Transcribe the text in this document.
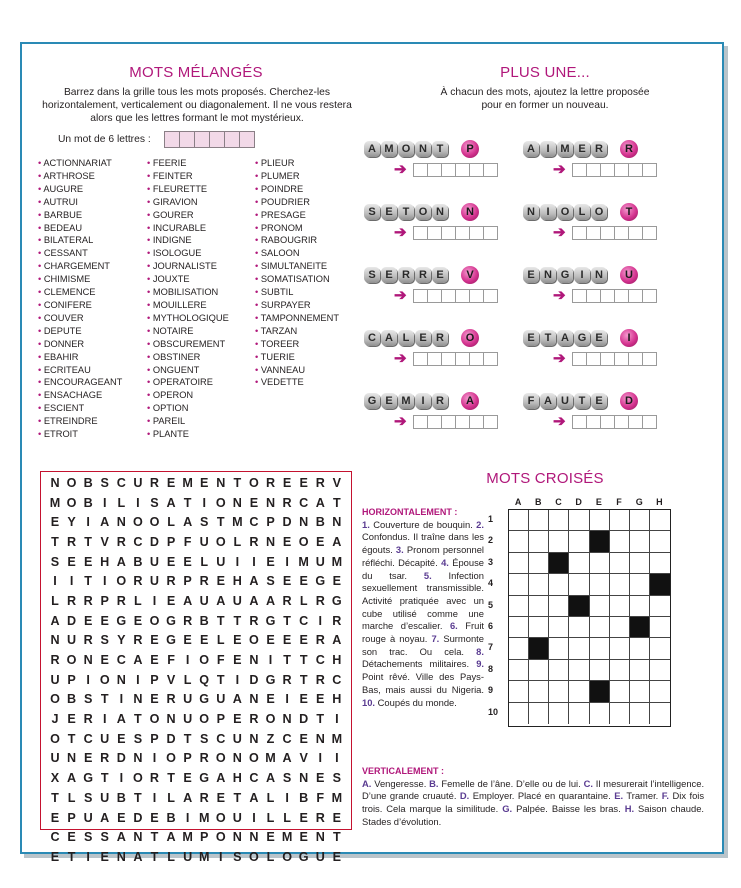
MOTS MÉLANGÉS
Barrez dans la grille tous les mots proposés. Cherchez-les horizontalement, verticalement ou diagonalement. Il ne vous restera alors que les lettres formant le mot mystérieux.
Un mot de 6 lettres :
• ACTIONNARIAT
• ARTHROSE
• AUGURE
• AUTRUI
• BARBUE
• BEDEAU
• BILATERAL
• CESSANT
• CHARGEMENT
• CHIMISME
• CLEMENCE
• CONIFERE
• COUVER
• DEPUTE
• DONNER
• EBAHIR
• ECRITEAU
• ENCOURAGEANT
• ENSACHAGE
• ESCIENT
• ETREINDRE
• ETROIT
• FEERIE
• FEINTER
• FLEURETTE
• GIRAVION
• GOURER
• INCURABLE
• INDIGNE
• ISOLOGUE
• JOURNALISTE
• JOUXTE
• MOBILISATION
• MOUILLERE
• MYTHOLOGIQUE
• NOTAIRE
• OBSCUREMENT
• OBSTINER
• ONGUENT
• OPERATOIRE
• OPERON
• OPTION
• PAREIL
• PLANTE
• PLIEUR
• PLUMER
• POINDRE
• POUDRIER
• PRESAGE
• PRONOM
• RABOUGRIR
• SALOON
• SIMULTANEITE
• SOMATISATION
• SUBTIL
• SURPAYER
• TAMPONNEMENT
• TARZAN
• TOREER
• TUERIE
• VANNEAU
• VEDETTE
N O B S C U R E M E N T O R E E R V
M O B I L I S A T I O N E N R C A T
E Y I A N O O L A S T M C P D N B N
T R T V R C D P F U O L R N E O E A
S E E H A B U E E L U I	I E I M U M
I	I T I O R U R P R E H A S E E G E
L R R P R L I E A U A U A A R L R G
A D E E G E O G R B T T R G T C I R
N U R S Y R E G E E L E O E E E R A
R O N E C A E F I O F E N I T T C H
U P I O N I P V L Q T I D G R T R C
O B S T I N E R U G U A N E I E E H
J E R I A T O N U O P E R O N D T I
O T C U E S P D T S C U N Z C E N M
U N E R D N I O P R O N O M A V I	I
X A G T I O R T E G A H C A S N E S
T L S U B T I L A R E T A L I B F M
E P U A E D E B I M O U I L L E R E
C E S S A N T A M P O N N E M E N T
E T I E N A T L U M I S O L O G U E
PLUS UNE...
À chacun des mots, ajoutez la lettre proposée
pour en former un nouveau.
A M O N T	P
➔
A	I M E R	R
➔
S E T O N	N
➔
N	I	O L O	T
➔
S E R R E	V
➔
E N G	I	N	U
➔
C A L E R	O
➔
E T A G E	I
➔
G E M I	R	A
➔
F A U T E	D
➔
MOTS CROISÉS
HORIZONTALEMENT :
1. Couverture de bouquin. 2. Confondus. Il traîne dans les égouts. 3. Pronom personnel réfléchi. Décapité. 4. Épouse du tsar. 5. Infection sexuellement transmissible. Activité pratiquée avec un cube utilisé comme une marche d’escalier. 6. Fruit rouge à noyau. 7. Surmonte son trac. Ou cela. 8. Détachements militaires. 9. Point rêvé. Ville des Pays-Bas, mais aussi du Nigeria. 10. Coupés du monde.
VERTICALEMENT :
A. Vengeresse. B. Femelle de l’âne. D’elle ou de lui. C. Il mesurerait l’intelligence. D’une grande cruauté. D. Employer. Placé en quarantaine. E. Tramer. F. Dix fois trois. Cela marque la similitude. G. Palpée. Baisse les bras. H. Saison chaude. Stades d’évolution.
A	B	C	D	E	F	G	H
1
2
3
4
5
6
7
8
9
10
